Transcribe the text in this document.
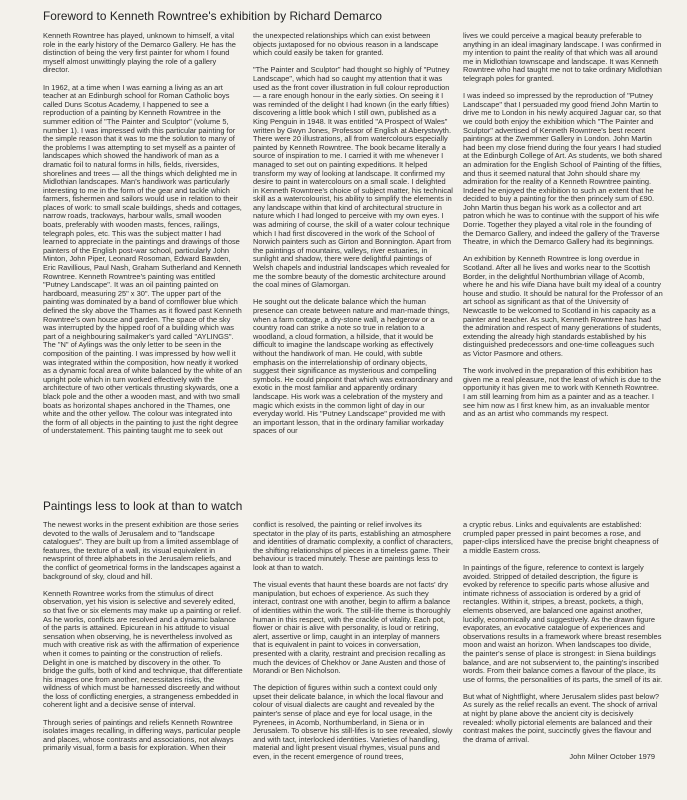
Foreword to Kenneth Rowntree's exhibition by Richard Demarco

Kenneth Rowntree has played, unknown to himself, a vital role in the early history of the Demarco Gallery. He has the distinction of being the very first painter for whom I found myself almost unwittingly playing the role of a gallery director.

In 1962, at a time when I was earning a living as an art teacher at an Edinburgh school for Roman Catholic boys called Duns Scotus Academy, I happened to see a reproduction of a painting by Kenneth Rowntree in the summer edition of "The Painter and Sculptor" (volume 5, number 1). I was impressed with this particular painting for the simple reason that it was to me the solution to many of the problems I was attempting to set myself as a painter of landscapes which showed the handiwork of man as a dramatic foil to natural forms in hills, fields, riversides, shorelines and trees — all the things which delighted me in Midlothian landscapes. Man's handiwork was particularly interesting to me in the form of the gear and tackle which farmers, fishermen and sailors would use in relation to their places of work: to small scale buildings, sheds and cottages, narrow roads, trackways, harbour walls, small wooden boats, preferably with wooden masts, fences, railings, telegraph poles, etc. This was the subject matter I had learned to appreciate in the paintings and drawings of those painters of the English post-war school, particularly John Minton, John Piper, Leonard Rosoman, Edward Bawden, Eric Ravillious, Paul Nash, Graham Sutherland and Kenneth Rowntree. Kenneth Rowntree's painting was entitled "Putney Landscape". It was an oil painting painted on hardboard, measuring 25" x 30". The upper part of the painting was dominated by a band of cornflower blue which defined the sky above the Thames as it flowed past Kenneth Rowntree's own house and garden. The space of the sky was interrupted by the hipped roof of a building which was part of a neighbouring sailmaker's yard called "AYLINGS". The "N" of Aylings was the only letter to be seen in the composition of the painting. I was impressed by how well it was integrated within the composition, how neatly it worked as a dynamic focal area of white balanced by the white of an upright pole which in turn worked effectively with the architecture of two other verticals thrusting skywards, one a black pole and the other a wooden mast, and with two small boats as horizontal shapes anchored in the Thames, one white and the other yellow. The colour was integrated into the form of all objects in the painting to just the right degree of understatement. This painting taught me to seek out

the unexpected relationships which can exist between objects juxtaposed for no obvious reason in a landscape which could easily be taken for granted.

"The Painter and Sculptor" had thought so highly of "Putney Landscape", which had so caught my attention that it was used as the front cover illustration in full colour reproduction — a rare enough honour in the early sixties. On seeing it I was reminded of the delight I had known (in the early fifties) discovering a little book which I still own, published as a King Penguin in 1948. It was entitled "A Prospect of Wales" written by Gwyn Jones, Professor of English at Aberystwyth. There were 20 illustrations, all from watercolours especially painted by Kenneth Rowntree. The book became literally a source of inspiration to me. I carried it with me whenever I managed to set out on painting expeditions. It helped transform my way of looking at landscape. It confirmed my desire to paint in watercolours on a small scale. I delighted in Kenneth Rowntree's choice of subject matter, his technical skill as a watercolourist, his ability to simplify the elements in any landscape within that kind of architectural structure in nature which I had longed to perceive with my own eyes. I was admiring of course, the skill of a water colour technique which I had first discovered in the work of the School of Norwich painters such as Girton and Bonnington. Apart from the paintings of mountains, valleys, river estuaries, in sunlight and shadow, there were delightful paintings of Welsh chapels and industrial landscapes which revealed for me the sombre beauty of the domestic architecture around the coal mines of Glamorgan.

He sought out the delicate balance which the human presence can create between nature and man-made things, when a farm cottage, a dry-stone wall, a hedgerow or a country road can strike a note so true in relation to a woodland, a cloud formation, a hillside, that it would be difficult to imagine the landscape working as effectively without the handiwork of man. He could, with subtle emphasis on the interrelationship of ordinary objects, suggest their significance as mysterious and compelling symbols. He could pinpoint that which was extraordinary and exotic in the most familiar and apparently ordinary landscape. His work was a celebration of the mystery and magic which exists in the common light of day in our everyday world. His "Putney Landscape" provided me with an important lesson, that in the ordinary familiar workaday spaces of our

lives we could perceive a magical beauty preferable to anything in an ideal imaginary landscape. I was confirmed in my intention to paint the reality of that which was all around me in Midlothian townscape and landscape. It was Kenneth Rowntree who had taught me not to take ordinary Midlothian telegraph poles for granted.

I was indeed so impressed by the reproduction of "Putney Landscape" that I persuaded my good friend John Martin to drive me to London in his newly acquired Jaguar car, so that we could both enjoy the exhibition which "The Painter and Sculptor" advertised of Kenneth Rowntree's best recent paintings at the Zwemmer Gallery in London. John Martin had been my close friend during the four years I had studied at the Edinburgh College of Art. As students, we both shared an admiration for the English School of Painting of the fifties, and thus it seemed natural that John should share my admiration for the reality of a Kenneth Rowntree painting. Indeed he enjoyed the exhibition to such an extent that he decided to buy a painting for the then princely sum of £90. John Martin thus began his work as a collector and art patron which he was to continue with the support of his wife Dorrie. Together they played a vital role in the founding of the Demarco Gallery, and indeed the gallery of the Traverse Theatre, in which the Demarco Gallery had its beginnings.

An exhibition by Kenneth Rowntree is long overdue in Scotland. After all he lives and works near to the Scottish Border, in the delightful Northumbrian village of Acomb, where he and his wife Diana have built my ideal of a country house and studio. It should be natural for the Professor of an art school as significant as that of the University of Newcastle to be welcomed to Scotland in his capacity as a painter and teacher. As such, Kenneth Rowntree has had the admiration and respect of many generations of students, extending the already high standards established by his distinguished predecessors and one-time colleagues such as Victor Pasmore and others.

The work involved in the preparation of this exhibition has given me a real pleasure, not the least of which is due to the opportunity it has given me to work with Kenneth Rowntree. I am still learning from him as a painter and as a teacher. I see him now as I first knew him, as an invaluable mentor and as an artist who commands my respect.

Paintings less to look at than to watch

The newest works in the present exhibition are those series devoted to the walls of Jerusalem and to "landscape catalogues". They are built up from a limited assemblage of features, the texture of a wall, its visual equivalent in newsprint of three alphabets in the Jerusalem reliefs, and the conflict of geometrical forms in the landscapes against a background of sky, cloud and hill.

Kenneth Rowntree works from the stimulus of direct observation, yet his vision is selective and severely edited, so that five or six elements may make up a painting or relief. As he works, conflicts are resolved and a dynamic balance of the parts is attained. Epicurean in his attitude to visual sensation when observing, he is nevertheless involved as much with creative risk as with the affirmation of experience when it comes to painting or the construction of reliefs. Delight in one is matched by discovery in the other. To bridge the gulfs, both of kind and technique, that differentiate his images one from another, necessitates risks, the wildness of which must be harnessed discreetly and without the loss of conflicting energies, a strangeness embedded in coherent light and a decisive sense of interval.

Through series of paintings and reliefs Kenneth Rowntree isolates images recalling, in differing ways, particular people and places, whose contrasts and associations, not always primarily visual, form a basis for exploration. When their

conflict is resolved, the painting or relief involves its spectator in the play of its parts, establishing an atmosphere and identities of dramatic complexity, a conflict of characters, the shifting relationships of pieces in a timeless game. Their behaviour is traced minutely. These are paintings less to look at than to watch.

The visual events that haunt these boards are not facts' dry manipulation, but echoes of experience. As such they interact, contrast one with another, begin to affirm a balance of identities within the work. The still-life theme is thoroughly human in this respect, with the crackle of vitality. Each pot, flower or chair is alive with personality, is loud or retiring, alert, assertive or limp, caught in an interplay of manners that is equivalent in paint to voices in conversation, presented with a clarity, restraint and precision recalling as much the devices of Chekhov or Jane Austen and those of Morandi or Ben Nicholson.

The depiction of figures within such a context could only upset their delicate balance, in which the local flavour and colour of visual dialects are caught and revealed by the painter's sense of place and eye for local usage, in the Pyrenees, in Acomb, Northumberland, in Siena or in Jerusalem. To observe his still-lifes is to see revealed, slowly and with tact, interlocked identities. Varieties of handling, material and light present visual rhymes, visual puns and even, in the recent emergence of round trees,

a cryptic rebus. Links and equivalents are established: crumpled paper pressed in paint becomes a rose, and paper-clips intersliced have the precise bright cheapness of a middle Eastern cross.

In paintings of the figure, reference to context is largely avoided. Stripped of detailed description, the figure is evoked by reference to specific parts whose allusive and intimate richness of association is ordered by a grid of rectangles. Within it, stripes, a breast, pockets, a thigh, elements observed, are balanced one against another, lucidly, economically and suggestively. As the drawn figure evaporates, an evocative catalogue of experiences and observations results in a framework where breast resembles moon and waist an horizon. When landscapes too divide, the painter's sense of place is strongest: in Siena buildings balance, and are not subservient to, the painting's inscribed words. From their balance comes a flavour of the place, its use of forms, the personalities of its parts, the smell of its air.

But what of Nightflight, where Jerusalem slides past below? As surely as the relief recalls an event. The shock of arrival at night by plane above the ancient city is decisively revealed: wholly pictorial elements are balanced and their contrast makes the point, succinctly gives the flavour and the drama of arrival.

John Milner October 1979
